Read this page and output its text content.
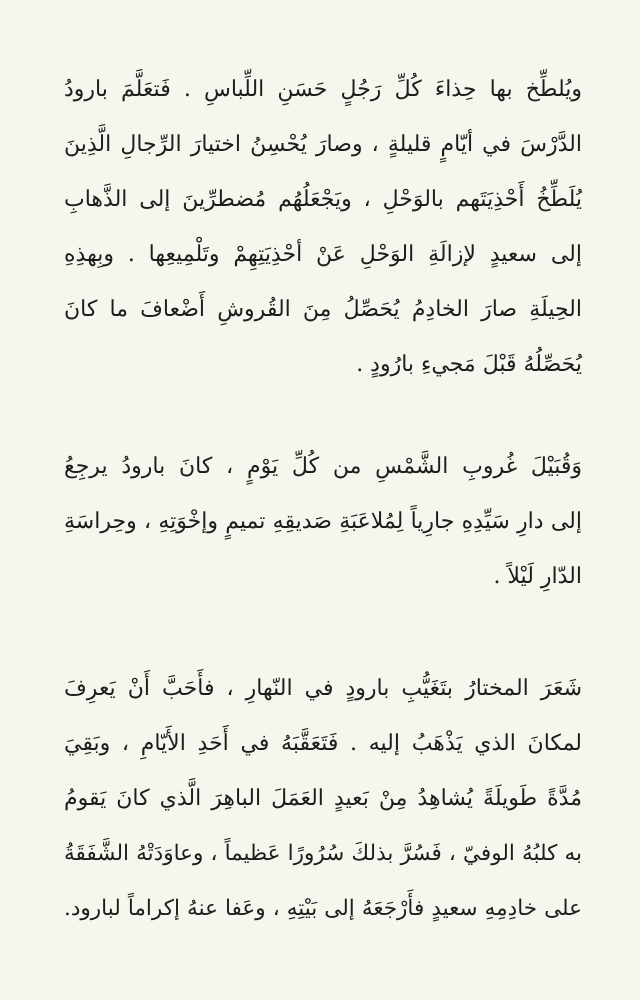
ويُلطِّخ بها حِذاءَ كُلِّ رَجُلٍ حَسَنِ اللِّباسِ . فَتعَلَّمَ بارودُ
الدَّرْسَ في أيّامٍ قليلةٍ ، وصارَ يُحْسِنُ اختيارَ الرِّجالِ الَّذِينَ
يُلَطِّخُ أَحْذِيَتَهم بالوَحْلِ ، ويَجْعَلُهُم مُضطرِّينَ إلى الذَّهابِ
إلى سعيدٍ لإزالَةِ الوَحْلِ عَنْ أحْذِيَتِهِمْ وتَلْمِيعِها . وبِهذِهِ
الحِيلَةِ صارَ الخادِمُ يُحَصِّلُ مِنَ القُروشِ أَضْعافَ ما كانَ
يُحَصِّلُهُ قَبْلَ مَجيءِ بارُودٍ .

وَقُبَيْلَ غُروبِ الشَّمْسِ من كُلِّ يَوْمٍ ، كانَ بارودُ يرجِعُ
إلى دارِ سَيِّدِهِ جارِياً لِمُلاعَبَةِ صَديقِهِ تميمٍ وإخْوَتِهِ ، وحِراسَةِ
الدّارِ لَيْلاً .

شَعَرَ المختارُ بتَغَيُّبِ بارودٍ في النّهارِ ، فأَحَبَّ أَنْ يَعرِفَ
لمكانَ الذي يَذْهَبُ إليه . فَتَعَقَّبَهُ في أَحَدِ الأَيّامِ ، وبَقِيَ
مُدَّةً طَويلَةً يُشاهِدُ مِنْ بَعيدٍ العَمَلَ الباهِرَ الَّذي كانَ يَقومُ
به كلبُهُ الوفيّ ، فَسُرَّ بذلكَ سُرُورًا عَظيماً ، وعاوَدَتْهُ الشَّفَقَةُ
على خادِمِهِ سعيدٍ فأَرْجَعَهُ إلى بَيْتِهِ ، وعَفا عنهُ إكراماً لبارود.
